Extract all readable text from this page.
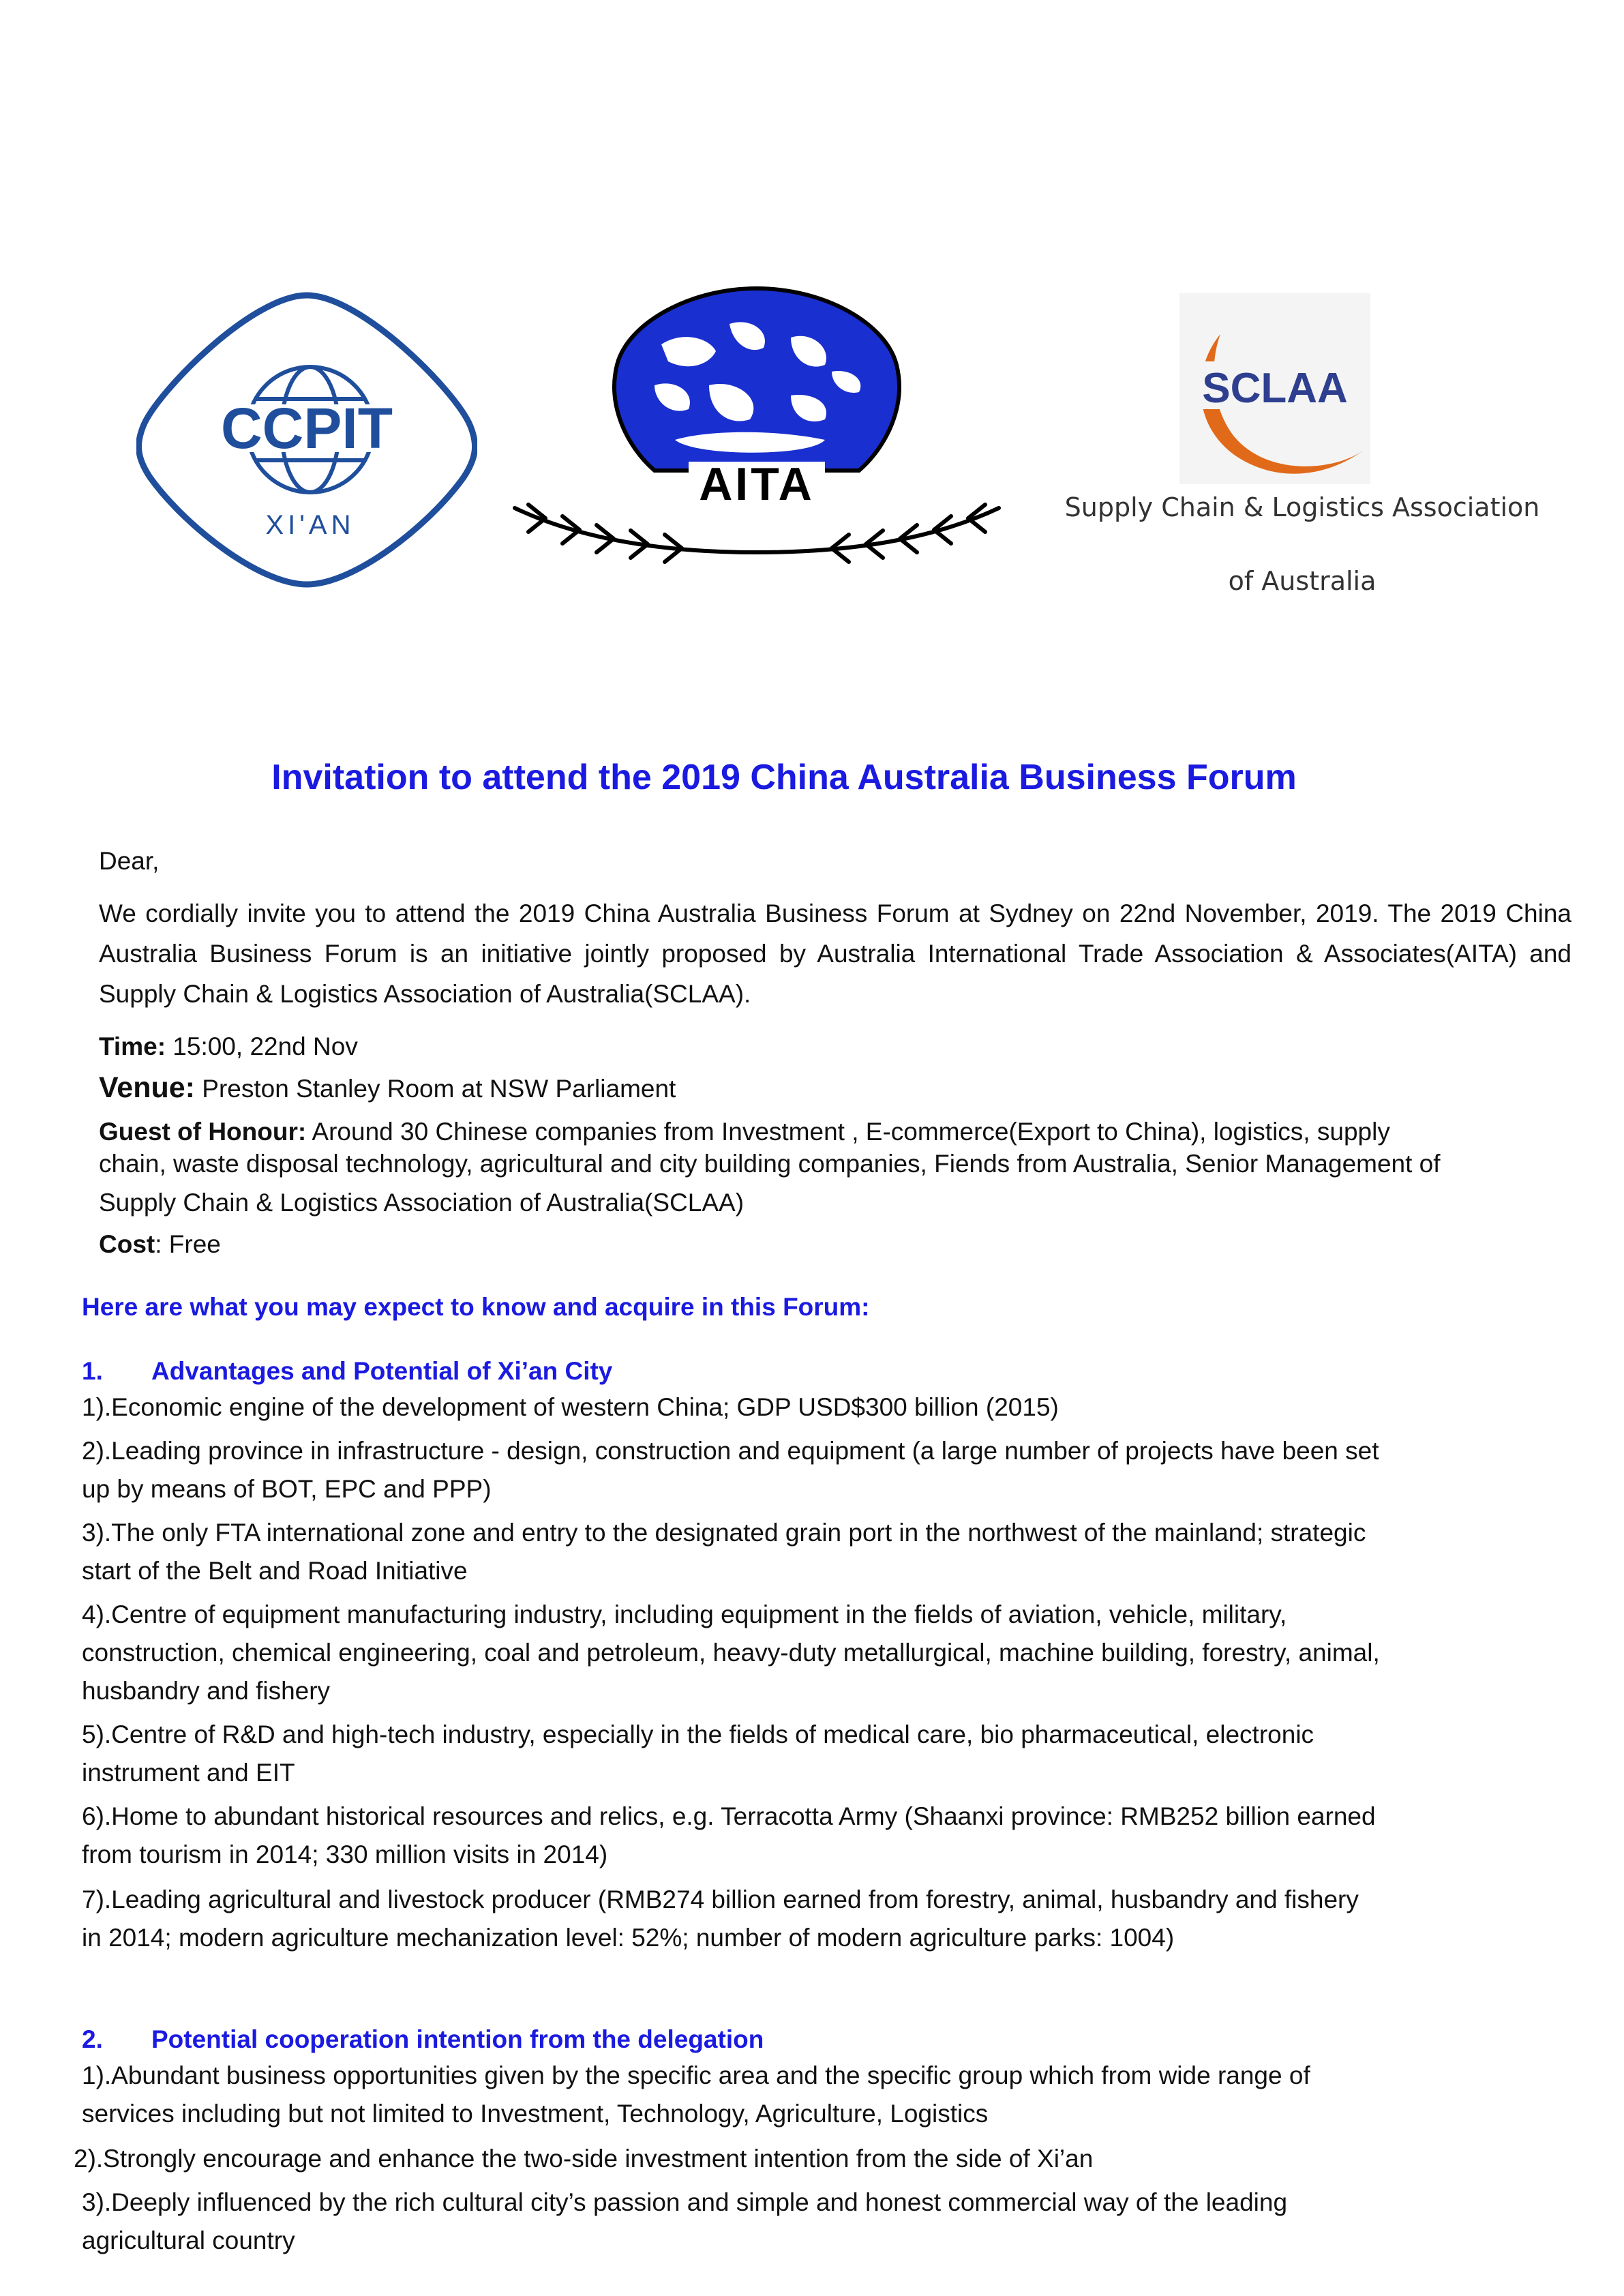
CCPIT
XI'AN
AITA
SCLAA
Supply Chain & Logistics Association
of Australia
Invitation to attend the 2019 China Australia Business Forum

Dear,

We cordially invite you to attend the 2019 China Australia Business Forum at Sydney on 22nd November, 2019. The 2019 China Australia Business Forum is an initiative jointly proposed by Australia International Trade Association & Associates(AITA) and Supply Chain & Logistics Association of Australia(SCLAA).

Time: 15:00, 22nd Nov

Venue: Preston Stanley Room at NSW Parliament

Guest of Honour: Around 30 Chinese companies from Investment , E-commerce(Export to China), logistics, supply
chain, waste disposal technology, agricultural and city building companies, Fiends from Australia, Senior Management of
Supply Chain & Logistics Association of Australia(SCLAA)

Cost: Free

Here are what you may expect to know and acquire in this Forum:

1. Advantages and Potential of Xi’an City

1).Economic engine of the development of western China; GDP USD$300 billion (2015)
2).Leading province in infrastructure - design, construction and equipment (a large number of projects have been set
up by means of BOT, EPC and PPP)
3).The only FTA international zone and entry to the designated grain port in the northwest of the mainland; strategic
start of the Belt and Road Initiative
4).Centre of equipment manufacturing industry, including equipment in the fields of aviation, vehicle, military,
construction, chemical engineering, coal and petroleum, heavy-duty metallurgical, machine building, forestry, animal,
husbandry and fishery
5).Centre of R&D and high-tech industry, especially in the fields of medical care, bio pharmaceutical, electronic
instrument and EIT
6).Home to abundant historical resources and relics, e.g. Terracotta Army (Shaanxi province: RMB252 billion earned
from tourism in 2014; 330 million visits in 2014)
7).Leading agricultural and livestock producer (RMB274 billion earned from forestry, animal, husbandry and fishery
in 2014; modern agriculture mechanization level: 52%; number of modern agriculture parks: 1004)

2. Potential cooperation intention from the delegation

1).Abundant business opportunities given by the specific area and the specific group which from wide range of
services including but not limited to Investment, Technology, Agriculture, Logistics
2).Strongly encourage and enhance the two-side investment intention from the side of Xi’an
3).Deeply influenced by the rich cultural city’s passion and simple and honest commercial way of the leading
agricultural country
